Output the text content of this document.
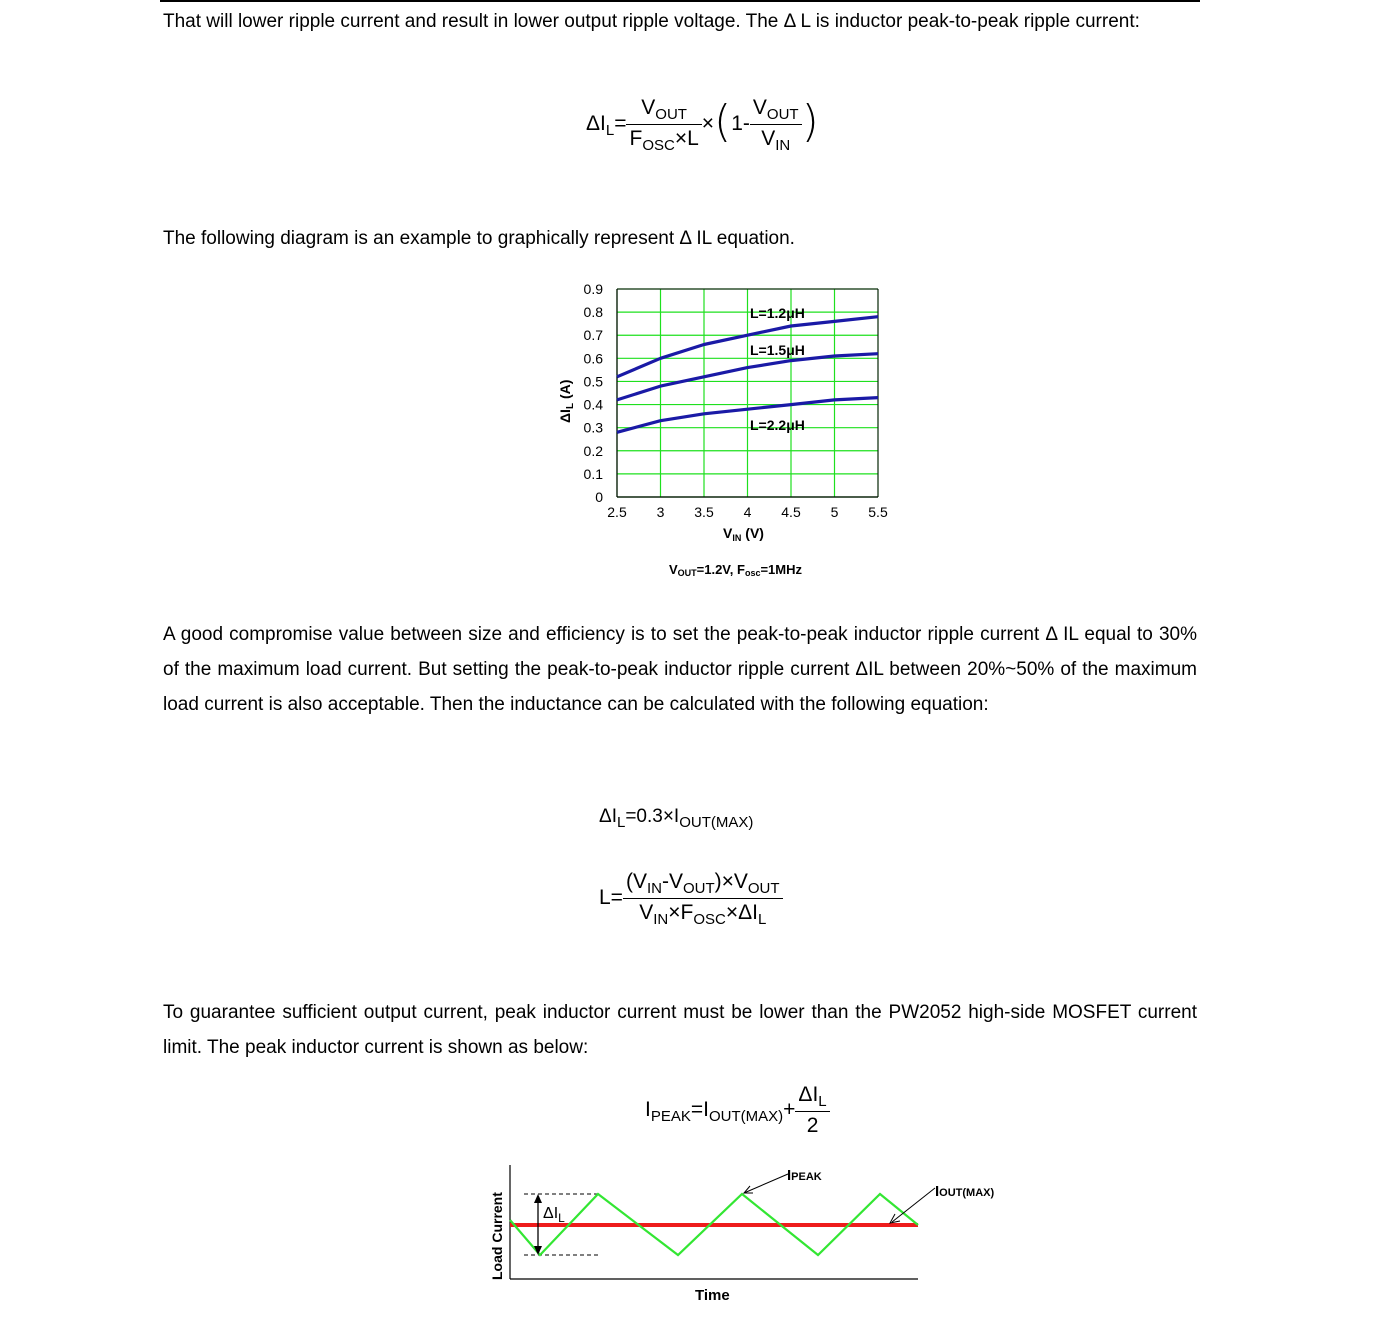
That will lower ripple current and result in lower output ripple voltage. The Δ L is inductor peak-to-peak ripple current:
$\Delta I_L= \frac{V_{OUT}}{F_{OSC}\times L} \times(1- \frac{V_{OUT}}{V_{IN}}$ )
The following diagram is an example to graphically represent Δ IL equation.
2.5 3 3.5 4 4.5 5 5.5
0
0.1
0.2
0.3
0.4
0.5
0.6
0.7
0.8
0.9
L=1.2μH
L=1.5μH
L=2.2μH
$\Delta I_L$ (A)
$V_{IN}$ (V)
VOUT=1.2V, Fosc=1MHz
A good compromise value between size and efficiency is to set the peak-to-peak inductor ripple current Δ IL equal to 30% of the maximum load current. But setting the peak-to-peak inductor ripple current ΔIL between 20%~50% of the maximum load current is also acceptable. Then the inductance can be calculated with the following equation:
$\Delta I_L=0.3\times I_{OUT(MAX)}$
$L= \frac{(V_{IN}-V_{OUT})\times V_{OUT}}{V_{IN}\times F_{OSC}\times\Delta I_L}$
To guarantee sufficient output current, peak inductor current must be lower than the PW2052 high-side MOSFET current limit. The peak inductor current is shown as below:
$I_{PEAK}=I_{OUT(MAX)}+ \frac{\Delta I_L}{2}$
Load Current
Time
$\Delta I_L$
IPEAK
IOUT(MAX)
